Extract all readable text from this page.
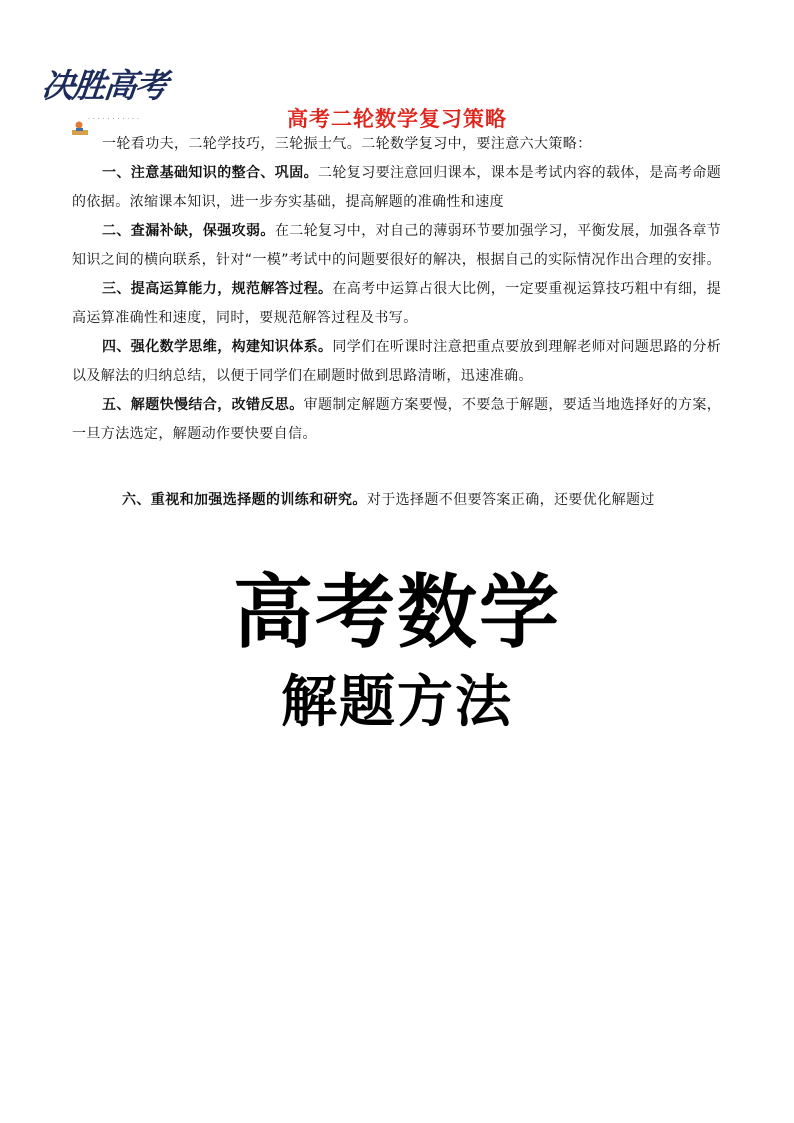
决胜高考
···········	高考二轮数学复习策略

一轮看功夫，二轮学技巧，三轮振士气。二轮数学复习中，要注意六大策略：

一、注意基础知识的整合、巩固。二轮复习要注意回归课本，课本是考试内容的载体，是高考命题的依据。浓缩课本知识，进一步夯实基础，提高解题的准确性和速度

二、查漏补缺，保强攻弱。在二轮复习中，对自己的薄弱环节要加强学习，平衡发展，加强各章节知识之间的横向联系，针对“一模”考试中的问题要很好的解决，根据自己的实际情况作出合理的安排。

三、提高运算能力，规范解答过程。在高考中运算占很大比例，一定要重视运算技巧粗中有细，提高运算准确性和速度，同时，要规范解答过程及书写。

四、强化数学思维，构建知识体系。同学们在听课时注意把重点要放到理解老师对问题思路的分析以及解法的归纳总结，以便于同学们在刷题时做到思路清晰，迅速准确。

五、解题快慢结合，改错反思。审题制定解题方案要慢，不要急于解题，要适当地选择好的方案，一旦方法选定，解题动作要快要自信。

六、重视和加强选择题的训练和研究。对于选择题不但要答案正确，还要优化解题过
高考数学
解题方法
